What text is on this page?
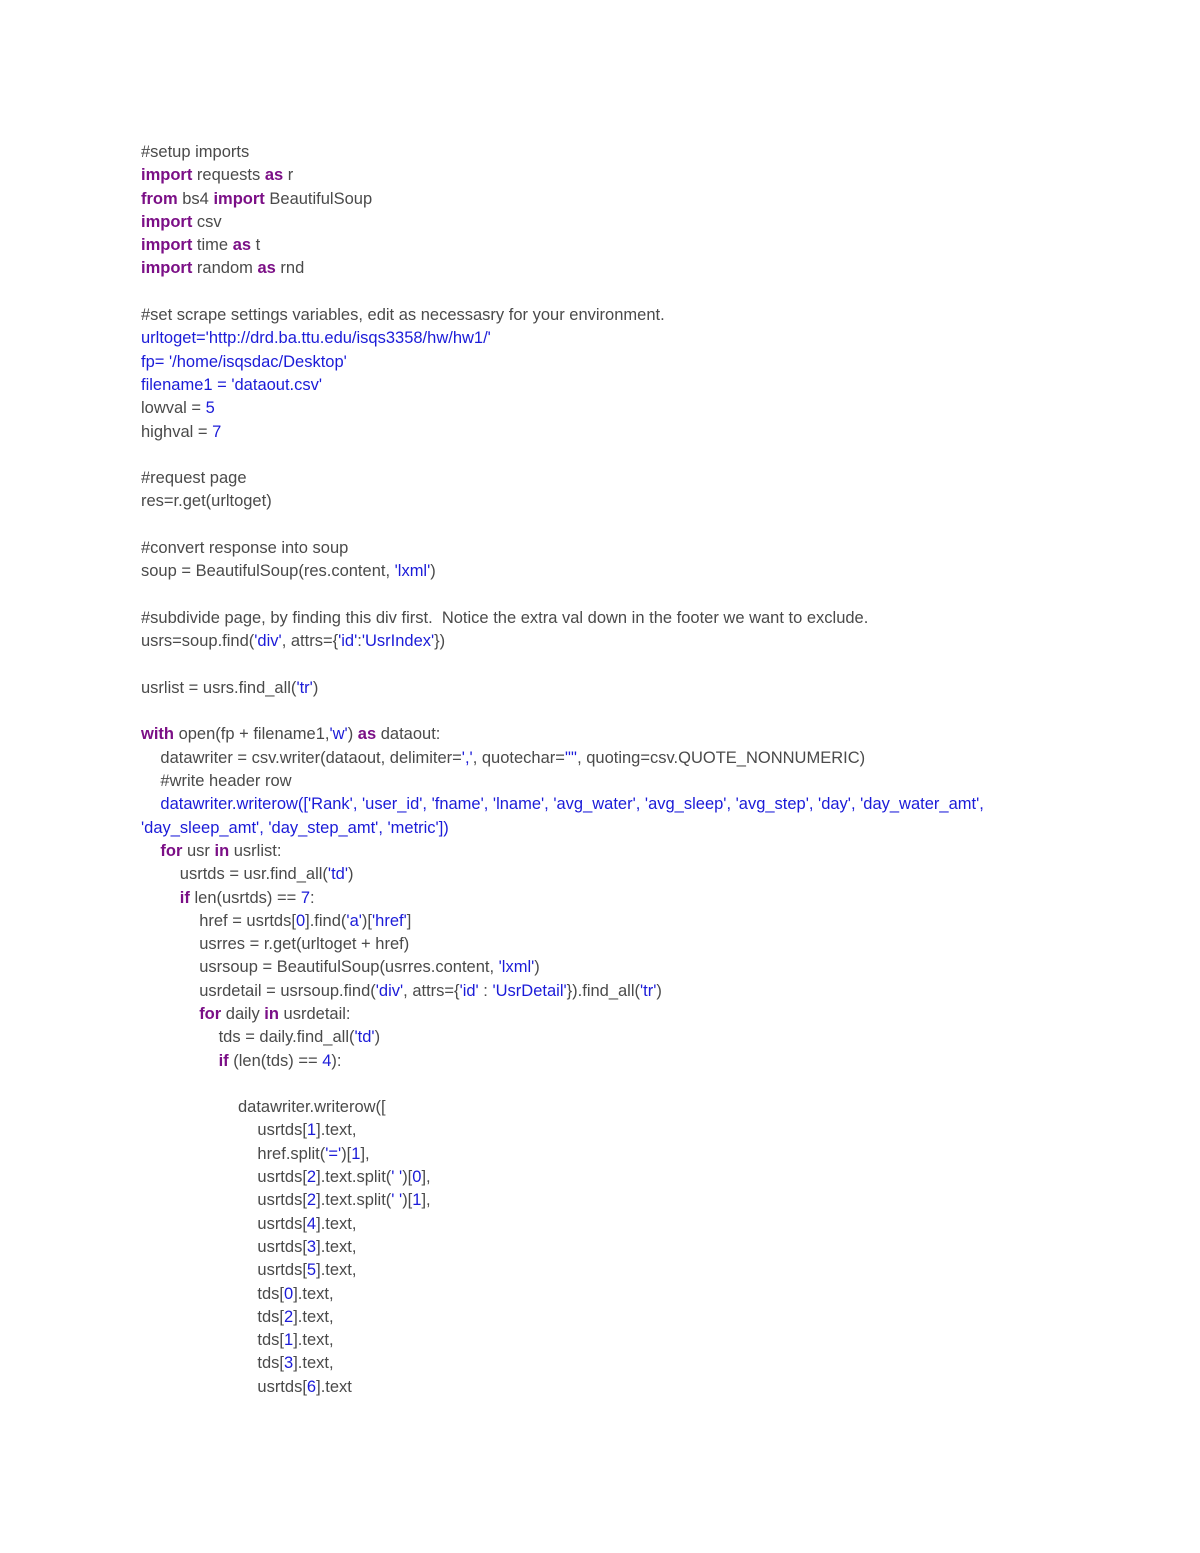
#setup imports
import requests as r
from bs4 import BeautifulSoup
import csv
import time as t
import random as rnd
#set scrape settings variables, edit as necessasry for your environment.
urltoget='http://drd.ba.ttu.edu/isqs3358/hw/hw1/'
fp= '/home/isqsdac/Desktop'
filename1 = 'dataout.csv'
lowval = 5
highval = 7
#request page
res=r.get(urltoget)
#convert response into soup
soup = BeautifulSoup(res.content, 'lxml')
#subdivide page, by finding this div first.  Notice the extra val down in the footer we want to exclude.
usrs=soup.find('div', attrs={'id':'UsrIndex'})
usrlist = usrs.find_all('tr')
with open(fp + filename1,'w') as dataout:
datawriter = csv.writer(dataout, delimiter=',', quotechar='"', quoting=csv.QUOTE_NONNUMERIC)
#write header row
datawriter.writerow(['Rank', 'user_id', 'fname', 'lname', 'avg_water', 'avg_sleep', 'avg_step', 'day', 'day_water_amt',
'day_sleep_amt', 'day_step_amt', 'metric'])
for usr in usrlist:
usrtds = usr.find_all('td')
if len(usrtds) == 7:
href = usrtds[0].find('a')['href']
usrres = r.get(urltoget + href)
usrsoup = BeautifulSoup(usrres.content, 'lxml')
usrdetail = usrsoup.find('div', attrs={'id' : 'UsrDetail'}).find_all('tr')
for daily in usrdetail:
tds = daily.find_all('td')
if (len(tds) == 4):
datawriter.writerow([
usrtds[1].text,
href.split('=')[1],
usrtds[2].text.split(' ')[0],
usrtds[2].text.split(' ')[1],
usrtds[4].text,
usrtds[3].text,
usrtds[5].text,
tds[0].text,
tds[2].text,
tds[1].text,
tds[3].text,
usrtds[6].text
